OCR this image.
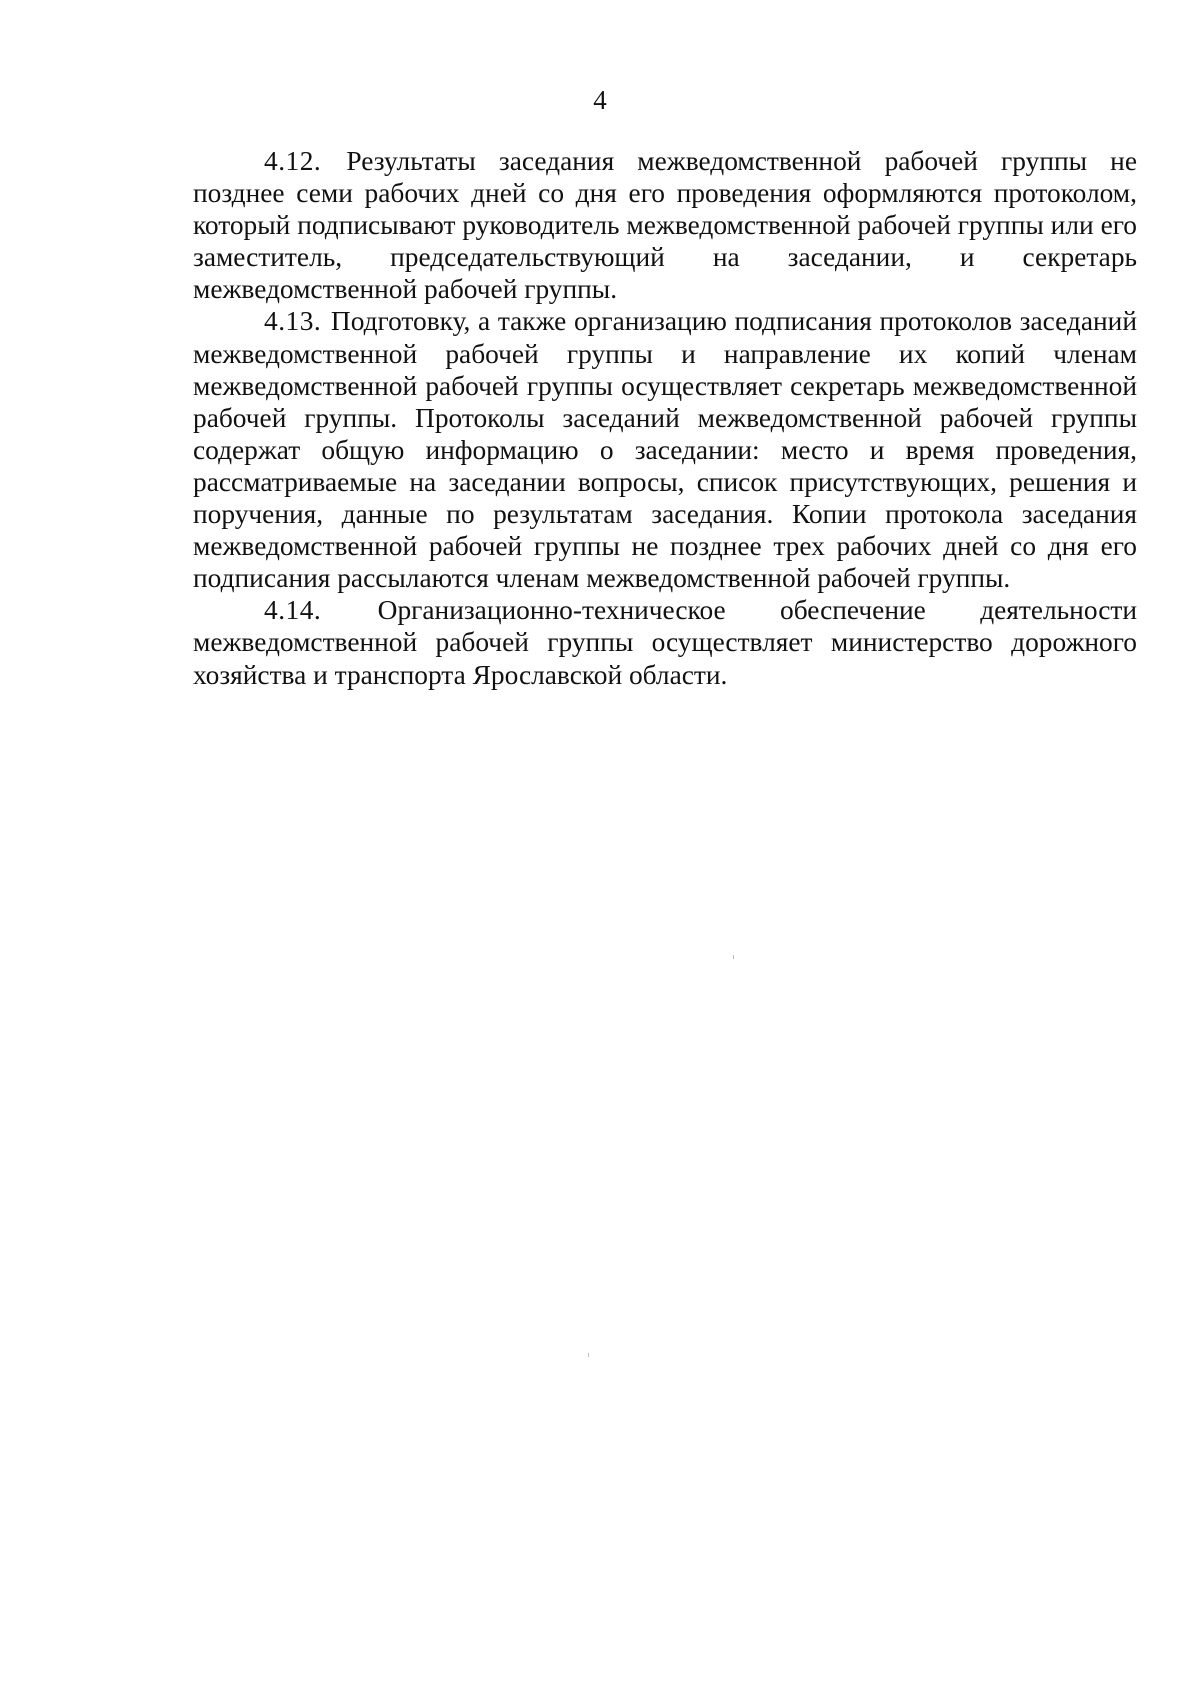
4

4.12. Результаты заседания межведомственной рабочей группы не позднее семи рабочих дней со дня его проведения оформляются протоколом, который подписывают руководитель межведомственной рабочей группы или его заместитель, председательствующий на заседании, и секретарь межведомственной рабочей группы.

4.13. Подготовку, а также организацию подписания протоколов заседаний межведомственной рабочей группы и направление их копий членам межведомственной рабочей группы осуществляет секретарь межведомственной рабочей группы. Протоколы заседаний межведомственной рабочей группы содержат общую информацию о заседании: место и время проведения, рассматриваемые на заседании вопросы, список присутствующих, решения и поручения, данные по результатам заседания. Копии протокола заседания межведомственной рабочей группы не позднее трех рабочих дней со дня его подписания рассылаются членам межведомственной рабочей группы.

4.14. Организационно-техническое обеспечение деятельности межведомственной рабочей группы осуществляет министерство дорожного хозяйства и транспорта Ярославской области.
